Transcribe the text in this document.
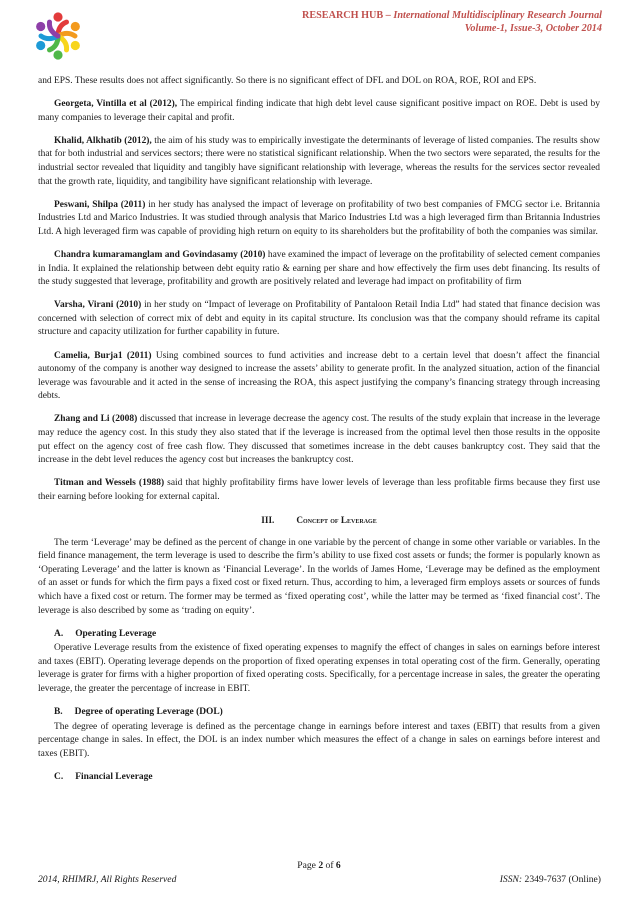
RESEARCH HUB – International Multidisciplinary Research Journal
Volume-1, Issue-3, October 2014

and EPS. These results does not affect significantly. So there is no significant effect of DFL and DOL on ROA, ROE, ROI and EPS.

Georgeta, Vintilla et al (2012), The empirical finding indicate that high debt level cause significant positive impact on ROE. Debt is used by many companies to leverage their capital and profit.

Khalid, Alkhatib (2012), the aim of his study was to empirically investigate the determinants of leverage of listed companies. The results show that for both industrial and services sectors; there were no statistical significant relationship. When the two sectors were separated, the results for the industrial sector revealed that liquidity and tangibly have significant relationship with leverage, whereas the results for the services sector revealed that the growth rate, liquidity, and tangibility have significant relationship with leverage.

Peswani, Shilpa (2011) in her study has analysed the impact of leverage on profitability of two best companies of FMCG sector i.e. Britannia Industries Ltd and Marico Industries. It was studied through analysis that Marico Industries Ltd was a high leveraged firm than Britannia Industries Ltd. A high leveraged firm was capable of providing high return on equity to its shareholders but the profitability of both the companies was similar.

Chandra kumaramanglam and Govindasamy (2010) have examined the impact of leverage on the profitability of selected cement companies in India. It explained the relationship between debt equity ratio & earning per share and how effectively the firm uses debt financing. Its results of the study suggested that leverage, profitability and growth are positively related and leverage had impact on profitability of firm

Varsha, Virani (2010) in her study on “Impact of leverage on Profitability of Pantaloon Retail India Ltd” had stated that finance decision was concerned with selection of correct mix of debt and equity in its capital structure. Its conclusion was that the company should reframe its capital structure and capacity utilization for further capability in future.

Camelia, Burja1 (2011) Using combined sources to fund activities and increase debt to a certain level that doesn’t affect the financial autonomy of the company is another way designed to increase the assets’ ability to generate profit. In the analyzed situation, action of the financial leverage was favourable and it acted in the sense of increasing the ROA, this aspect justifying the company’s financing strategy through increasing debts.

Zhang and Li (2008) discussed that increase in leverage decrease the agency cost. The results of the study explain that increase in the leverage may reduce the agency cost. In this study they also stated that if the leverage is increased from the optimal level then those results in the opposite put effect on the agency cost of free cash flow. They discussed that sometimes increase in the debt causes bankruptcy cost. They said that the increase in the debt level reduces the agency cost but increases the bankruptcy cost.

Titman and Wessels (1988) said that highly profitability firms have lower levels of leverage than less profitable firms because they first use their earning before looking for external capital.

III. Concept of Leverage

The term ‘Leverage’ may be defined as the percent of change in one variable by the percent of change in some other variable or variables. In the field finance management, the term leverage is used to describe the firm’s ability to use fixed cost assets or funds; the former is popularly known as ‘Operating Leverage’ and the latter is known as ‘Financial Leverage’. In the worlds of James Home, ‘Leverage may be defined as the employment of an asset or funds for which the firm pays a fixed cost or fixed return. Thus, according to him, a leveraged firm employs assets or sources of funds which have a fixed cost or return. The former may be termed as ‘fixed operating cost’, while the latter may be termed as ‘fixed financial cost’. The leverage is also described by some as ‘trading on equity’.

A. Operating Leverage

Operative Leverage results from the existence of fixed operating expenses to magnify the effect of changes in sales on earnings before interest and taxes (EBIT). Operating leverage depends on the proportion of fixed operating expenses in total operating cost of the firm. Generally, operating leverage is grater for firms with a higher proportion of fixed operating costs. Specifically, for a percentage increase in sales, the greater the operating leverage, the greater the percentage of increase in EBIT.

B. Degree of operating Leverage (DOL)

The degree of operating leverage is defined as the percentage change in earnings before interest and taxes (EBIT) that results from a given percentage change in sales. In effect, the DOL is an index number which measures the effect of a change in sales on earnings before interest and taxes (EBIT).

C. Financial Leverage
Page 2 of 6
2014, RHIMRJ, All Rights Reserved	ISSN: 2349-7637 (Online)
